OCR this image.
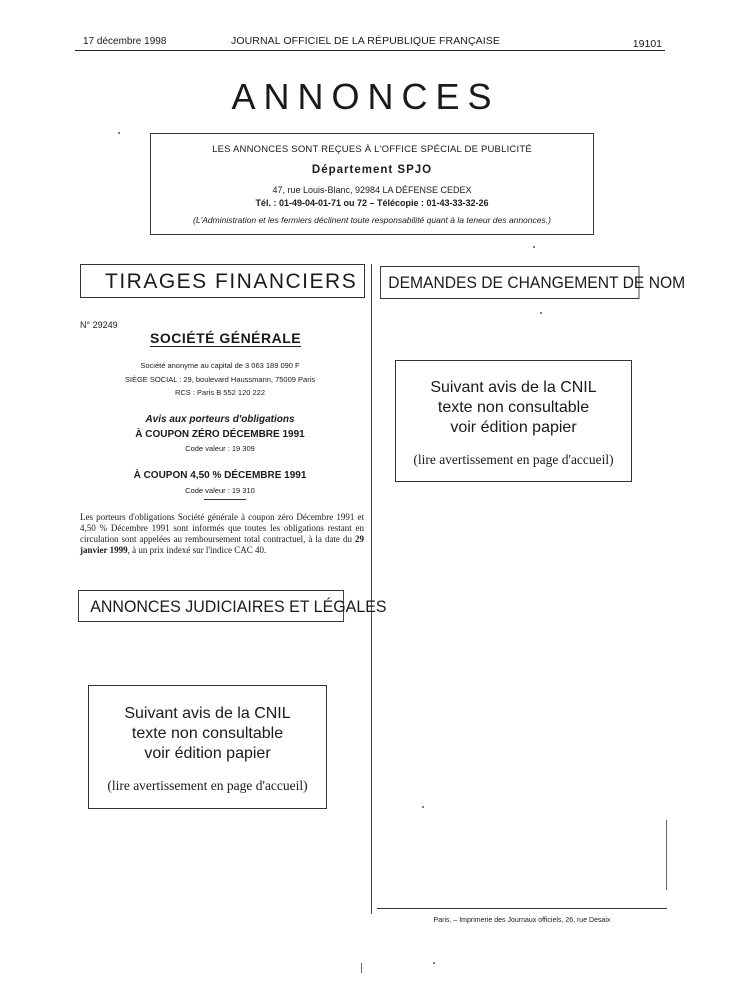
17 décembre 1998	JOURNAL OFFICIEL DE LA RÉPUBLIQUE FRANÇAISE	19101
ANNONCES
LES ANNONCES SONT REÇUES À L'OFFICE SPÉCIAL DE PUBLICITÉ
Département SPJO
47, rue Louis-Blanc, 92984 LA DÉFENSE CEDEX
Tél. : 01-49-04-01-71 ou 72 – Télécopie : 01-43-33-32-26
(L'Administration et les fermiers déclinent toute responsabilité quant à la teneur des annonces.)
TIRAGES FINANCIERS	DEMANDES DE CHANGEMENT DE NOM
ANNONCES JUDICIAIRES ET LÉGALES
N° 29249
SOCIÉTÉ GÉNÉRALE
Société anonyme au capital de 3 063 189 090 F
SIÈGE SOCIAL : 29, boulevard Haussmann, 75009 Paris
RCS : Paris B 552 120 222
Avis aux porteurs d'obligations
À COUPON ZÉRO DÉCEMBRE 1991
Code valeur : 19 309
À COUPON 4,50 % DÉCEMBRE 1991
Code valeur : 19 310
Les porteurs d'obligations Société générale à coupon zéro Décembre 1991 et 4,50 % Décembre 1991 sont informés que toutes les obligations restant en circulation sont appelées au remboursement total contractuel, à la date du 29 janvier 1999, à un prix indexé sur l'indice CAC 40.
Suivant avis de la CNIL
texte non consultable
voir édition papier
(lire avertissement en page d'accueil)
Suivant avis de la CNIL
texte non consultable
voir édition papier
(lire avertissement en page d'accueil)
Paris. – Imprimerie des Journaux officiels, 26, rue Desaix
